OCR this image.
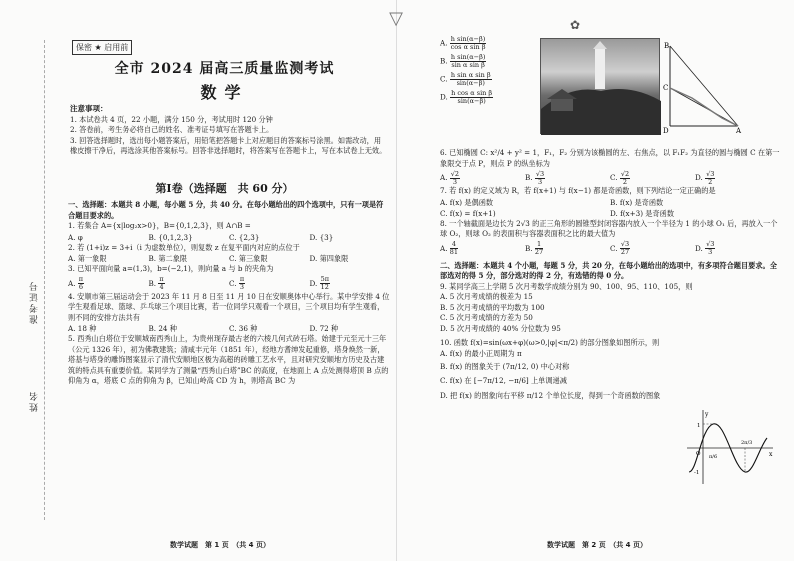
准考证号
姓名
保密 ★ 启用前
全市 2024 届高三质量监测考试
数学
注意事项：
1. 本试卷共 4 页，22 小题，满分 150 分，考试用时 120 分钟
2. 答卷前，考生务必将自己的姓名、准考证号填写在答题卡上。
3. 回答选择题时，选出每小题答案后，用铅笔把答题卡上对应题目的答案标号涂黑。如需改动，用橡皮擦干净后，再选涂其他答案标号。回答非选择题时，将答案写在答题卡上，写在本试卷上无效。
第Ⅰ卷（选择题　共 60 分）
一、选择题：本题共 8 小题，每小题 5 分，共 40 分。在每小题给出的四个选项中，只有一项是符合题目要求的。
1. 若集合 A={x|log₂x>0}，B={0,1,2,3}，则 A∩B =
A. φ	B. {0,1,2,3}	C. {2,3}	D. {3}
2. 若 (1+i)z = 3+i（i 为虚数单位），则复数 z 在复平面内对应的点位于
A. 第一象限	B. 第二象限	C. 第三象限	D. 第四象限
3. 已知平面向量 a=(1,3)，b=(−2,1)，则向量 a 与 b 的夹角为
A. $\frac{\pi}{6}$	B. $\frac{\pi}{4}$	C. $\frac{\pi}{3}$	D. $\frac{5\pi}{12}$
4. 安顺市第三届运动会于 2023 年 11 月 8 日至 11 月 10 日在安顺奥体中心举行。某中学安排 4 位学生观看足球、篮球、乒乓球三个项目比赛，若一位同学只观看一个项目，三个项目均有学生观看，则不同的安排方法共有
A. 18 种	B. 24 种	C. 36 种	D. 72 种
5. 西秀山白塔位于安顺城南西秀山上，为贵州现存最古老的六棱几何式砖石塔。始建于元至元十三年（公元 1326 年），初为佛教建筑；清咸丰元年（1851 年），经地方耆绅发起重修，塔身焕然一新，塔基与塔身的雕饰图案显示了清代安顺地区极为高超的砖雕工艺水平，且对研究安顺地方历史及古建筑的特点具有重要价值。某同学为了测量“西秀山白塔”BC 的高度，在地面上 A 点处测得塔顶 B 点的仰角为 α，塔底 C 点的仰角为 β，已知山岭高 CD 为 h，则塔高 BC 为
数学试题　第 1 页　（共 4 页）	数学试题　第 2 页　（共 4 页）
▽
A. $\frac{\text{h sin(α−β)}}{\text{cos α sin β}}$
B. $\frac{\text{h sin(α−β)}}{\text{sin α sin β}}$
C. $\frac{\text{h sin α sin β}}{\sin(\alpha-\beta)}$
D. $\frac{\text{h cos α sin β}}{\sin(\alpha-\beta)}$
B
C
D	A
6. 已知椭圆 C: x²/4 + y² = 1，F₁，F₂ 分别为该椭圆的左、右焦点，以 F₁F₂ 为直径的圆与椭圆 C 在第一象限交于点 P，则点 P 的纵坐标为
A. $\frac{√2}{3}$	B. $\frac{√3}{3}$	C. $\frac{√2}{2}$	D. $\frac{√3}{2}$
7. 若 f(x) 的定义域为 R，若 f(x+1) 与 f(x−1) 都是奇函数，则下列结论一定正确的是
A. f(x) 是偶函数	B. f(x) 是奇函数
C. f(x) = f(x+1)	D. f(x+3) 是奇函数
8. 一个轴截面是边长为 2√3 的正三角形的圆锥型封闭容器内放入一个半径为 1 的小球 O₁ 后，再放入一个球 O₂，则球 O₂ 的表面积与容器表面积之比的最大值为
A. $\frac{4}{81}$	B. $\frac{1}{27}$	C. $\frac{√3}{27}$	D. $\frac{√3}{3}$
二、选择题：本题共 4 个小题，每题 5 分，共 20 分，在每小题给出的选项中，有多项符合题目要求。全部选对的得 5 分，部分选对的得 2 分，有选错的得 0 分。
9. 某同学高三上学期 5 次月考数学成绩分别为 90、100、95、110、105，则
A. 5 次月考成绩的极差为 15
B. 5 次月考成绩的平均数为 100
C. 5 次月考成绩的方差为 50
D. 5 次月考成绩的 40% 分位数为 95
10. 函数 f(x)=sin(ωx+φ)(ω>0,|φ|<π/2) 的部分图象如图所示，则
A. f(x) 的最小正周期为 π
B. f(x) 的图象关于 (7π/12, 0) 中心对称
C. f(x) 在 [−7π/12, −π/6] 上单调递减
D. 把 f(x) 的图象向右平移 π/12 个单位长度，得到一个奇函数的图象
y
x
O
1
-1
π/6
2π/3
✿
